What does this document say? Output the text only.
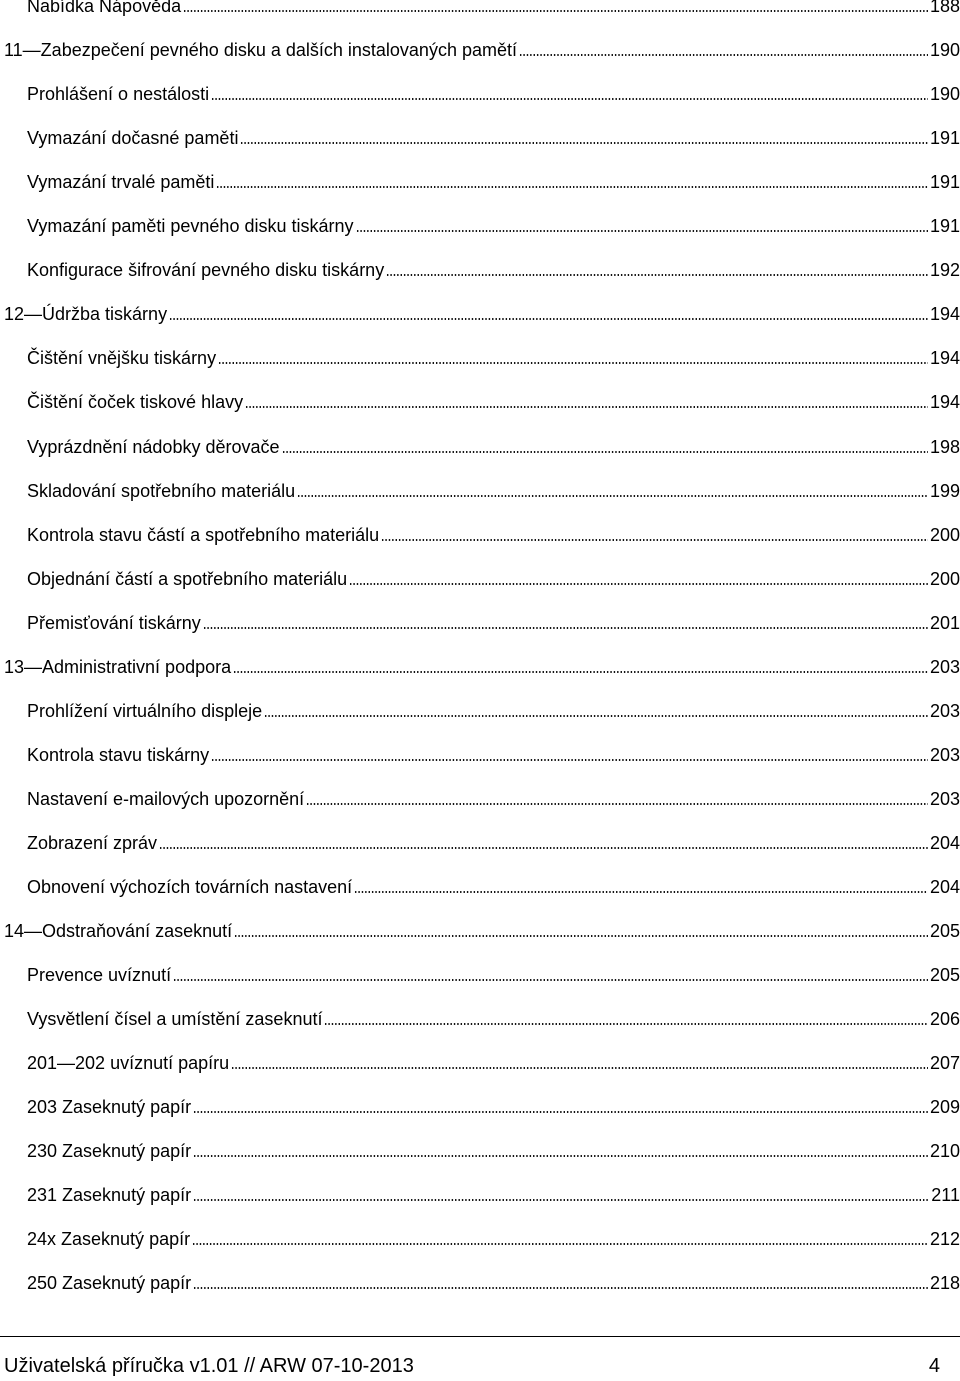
Nabídka Nápověda	188
11—Zabezpečení pevného disku a dalších instalovaných pamětí	190
Prohlášení o nestálosti	190
Vymazání dočasné paměti	191
Vymazání trvalé paměti	191
Vymazání paměti pevného disku tiskárny	191
Konfigurace šifrování pevného disku tiskárny	192
12—Údržba tiskárny	194
Čištění vnějšku tiskárny	194
Čištění čoček tiskové hlavy	194
Vyprázdnění nádobky děrovače	198
Skladování spotřebního materiálu	199
Kontrola stavu částí a spotřebního materiálu	200
Objednání částí a spotřebního materiálu	200
Přemisťování tiskárny	201
13—Administrativní podpora	203
Prohlížení virtuálního displeje	203
Kontrola stavu tiskárny	203
Nastavení e-mailových upozornění	203
Zobrazení zpráv	204
Obnovení výchozích továrních nastavení	204
14—Odstraňování zaseknutí	205
Prevence uvíznutí	205
Vysvětlení čísel a umístění zaseknutí	206
201—202 uvíznutí papíru	207
203 Zaseknutý papír	209
230 Zaseknutý papír	210
231 Zaseknutý papír	211
24x Zaseknutý papír	212
250 Zaseknutý papír	218
Uživatelská příručka v1.01 // ARW 07-10-2013	4
